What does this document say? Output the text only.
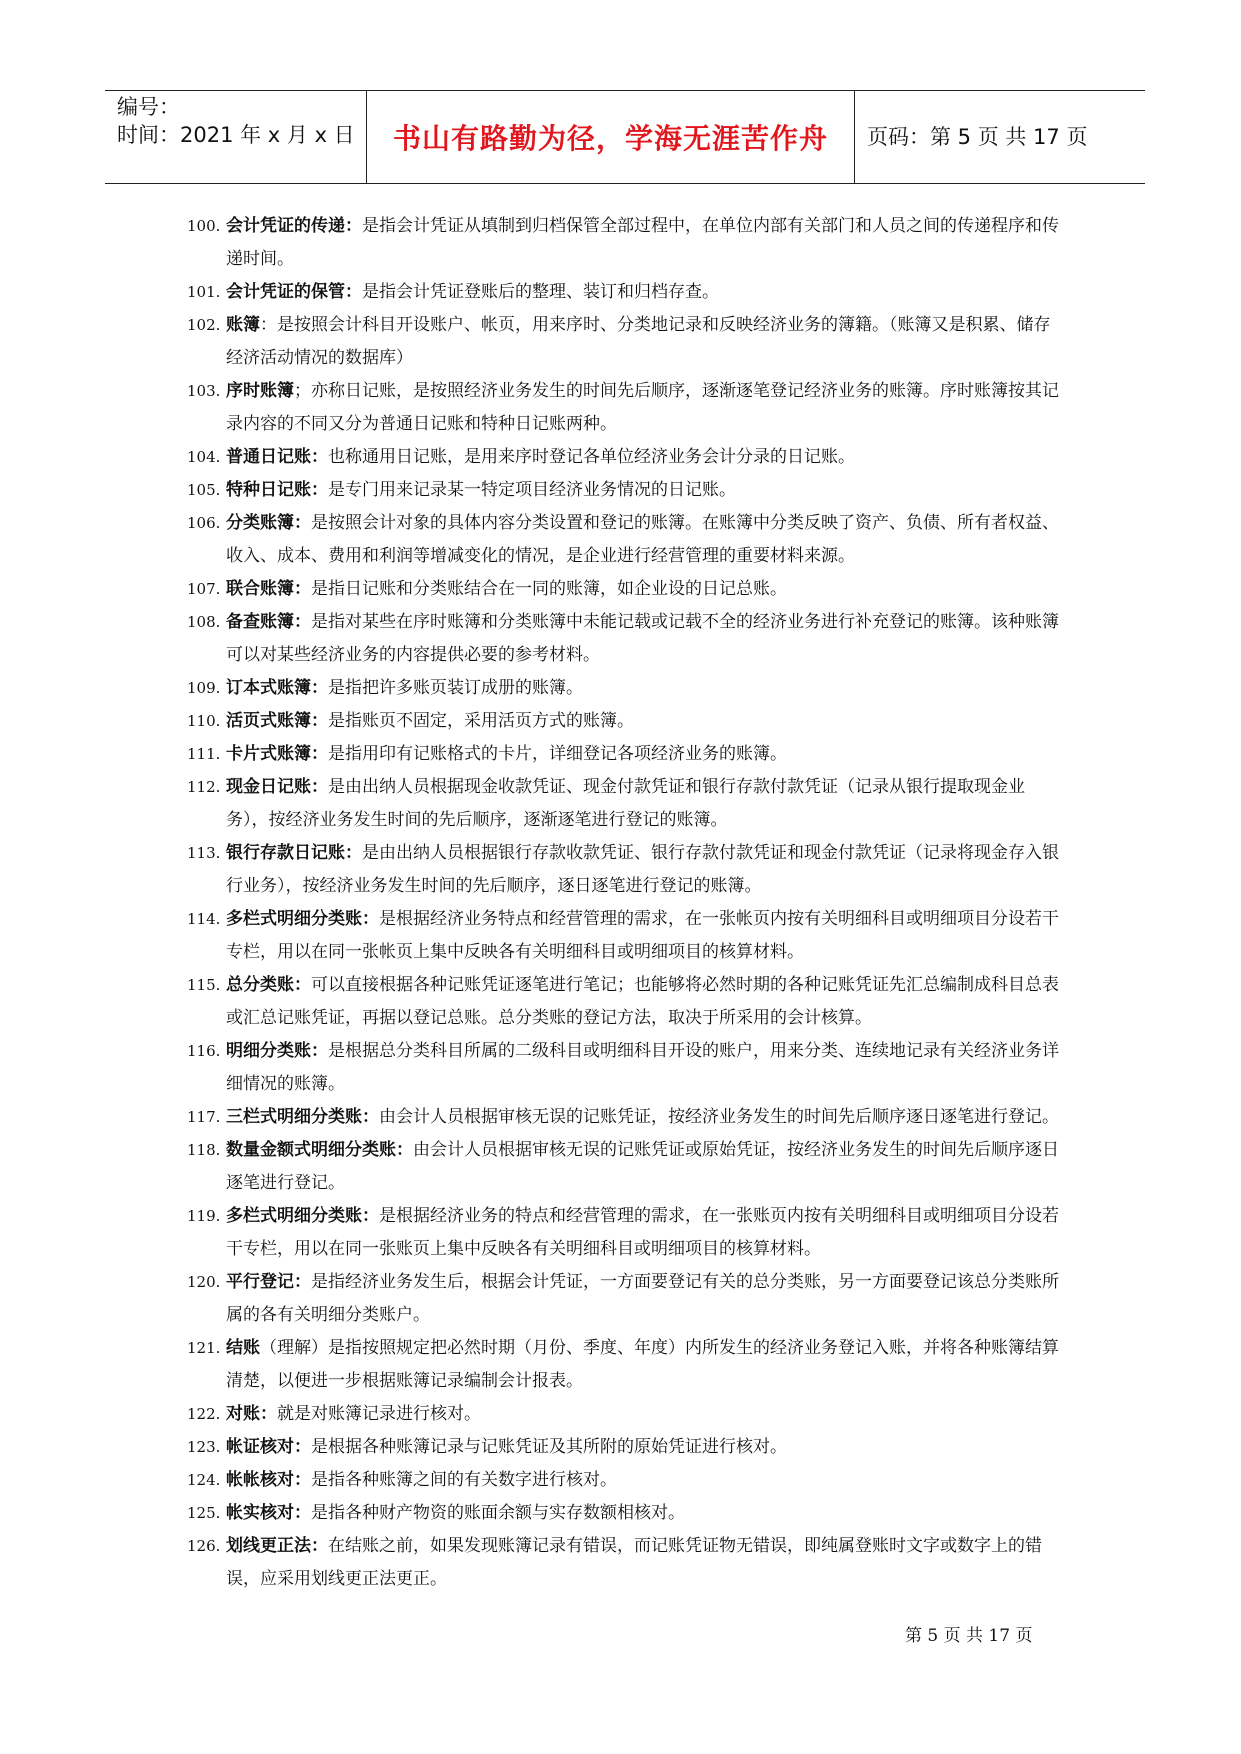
编号：
时间：2021 年 x 月 x 日	书山有路勤为径，学海无涯苦作舟 页码：第 5 页 共 17 页
100. 会计凭证的传递：是指会计凭证从填制到归档保管全部过程中，在单位内部有关部门和人员之间的传递程序和传递时间。
101. 会计凭证的保管：是指会计凭证登账后的整理、装订和归档存查。
102. 账簿：是按照会计科目开设账户、帐页，用来序时、分类地记录和反映经济业务的簿籍。（账簿又是积累、储存经济活动情况的数据库）
103. 序时账簿；亦称日记账，是按照经济业务发生的时间先后顺序，逐渐逐笔登记经济业务的账簿。序时账簿按其记录内容的不同又分为普通日记账和特种日记账两种。
104. 普通日记账：也称通用日记账，是用来序时登记各单位经济业务会计分录的日记账。
105. 特种日记账：是专门用来记录某一特定项目经济业务情况的日记账。
106. 分类账簿：是按照会计对象的具体内容分类设置和登记的账簿。在账簿中分类反映了资产、负债、所有者权益、收入、成本、费用和利润等增减变化的情况，是企业进行经营管理的重要材料来源。
107. 联合账簿：是指日记账和分类账结合在一同的账簿，如企业设的日记总账。
108. 备查账簿：是指对某些在序时账簿和分类账簿中未能记载或记载不全的经济业务进行补充登记的账簿。该种账簿可以对某些经济业务的内容提供必要的参考材料。
109. 订本式账簿：是指把许多账页装订成册的账簿。
110. 活页式账簿：是指账页不固定，采用活页方式的账簿。
111. 卡片式账簿：是指用印有记账格式的卡片，详细登记各项经济业务的账簿。
112. 现金日记账：是由出纳人员根据现金收款凭证、现金付款凭证和银行存款付款凭证（记录从银行提取现金业务），按经济业务发生时间的先后顺序，逐渐逐笔进行登记的账簿。
113. 银行存款日记账：是由出纳人员根据银行存款收款凭证、银行存款付款凭证和现金付款凭证（记录将现金存入银行业务），按经济业务发生时间的先后顺序，逐日逐笔进行登记的账簿。
114. 多栏式明细分类账：是根据经济业务特点和经营管理的需求，在一张帐页内按有关明细科目或明细项目分设若干专栏，用以在同一张帐页上集中反映各有关明细科目或明细项目的核算材料。
115. 总分类账：可以直接根据各种记账凭证逐笔进行笔记；也能够将必然时期的各种记账凭证先汇总编制成科目总表或汇总记账凭证，再据以登记总账。总分类账的登记方法，取决于所采用的会计核算。
116. 明细分类账：是根据总分类科目所属的二级科目或明细科目开设的账户，用来分类、连续地记录有关经济业务详细情况的账簿。
117. 三栏式明细分类账：由会计人员根据审核无误的记账凭证，按经济业务发生的时间先后顺序逐日逐笔进行登记。
118. 数量金额式明细分类账：由会计人员根据审核无误的记账凭证或原始凭证，按经济业务发生的时间先后顺序逐日逐笔进行登记。
119. 多栏式明细分类账：是根据经济业务的特点和经营管理的需求，在一张账页内按有关明细科目或明细项目分设若干专栏，用以在同一张账页上集中反映各有关明细科目或明细项目的核算材料。
120. 平行登记：是指经济业务发生后，根据会计凭证，一方面要登记有关的总分类账，另一方面要登记该总分类账所属的各有关明细分类账户。
121. 结账（理解）是指按照规定把必然时期（月份、季度、年度）内所发生的经济业务登记入账，并将各种账簿结算清楚，以便进一步根据账簿记录编制会计报表。
122. 对账：就是对账簿记录进行核对。
123. 帐证核对：是根据各种账簿记录与记账凭证及其所附的原始凭证进行核对。
124. 帐帐核对：是指各种账簿之间的有关数字进行核对。
125. 帐实核对：是指各种财产物资的账面余额与实存数额相核对。
126. 划线更正法：在结账之前，如果发现账簿记录有错误，而记账凭证物无错误，即纯属登账时文字或数字上的错误，应采用划线更正法更正。
第 5 页 共 17 页
